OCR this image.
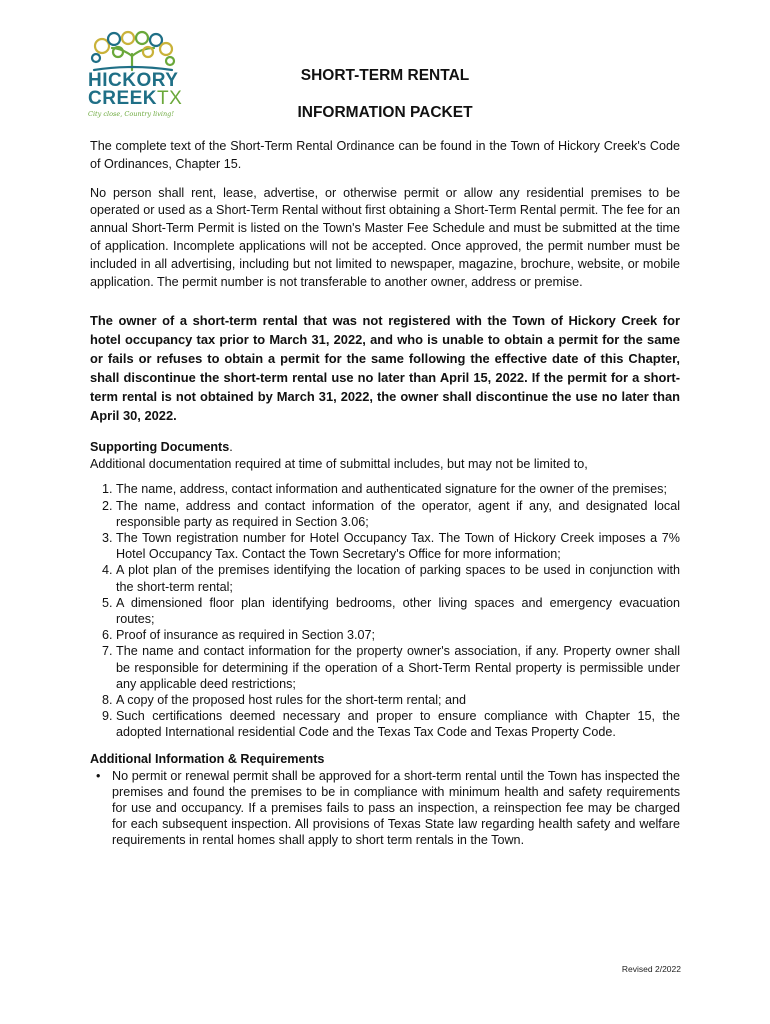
HICKORY
CREEKTX
City close, Country living!
SHORT-TERM RENTAL
INFORMATION PACKET

The complete text of the Short-Term Rental Ordinance can be found in the Town of Hickory Creek's Code of Ordinances, Chapter 15.

No person shall rent, lease, advertise, or otherwise permit or allow any residential premises to be operated or used as a Short-Term Rental without first obtaining a Short-Term Rental permit. The fee for an annual Short-Term Permit is listed on the Town's Master Fee Schedule and must be submitted at the time of application. Incomplete applications will not be accepted. Once approved, the permit number must be included in all advertising, including but not limited to newspaper, magazine, brochure, website, or mobile application. The permit number is not transferable to another owner, address or premise.

The owner of a short-term rental that was not registered with the Town of Hickory Creek for hotel occupancy tax prior to March 31, 2022, and who is unable to obtain a permit for the same or fails or refuses to obtain a permit for the same following the effective date of this Chapter, shall discontinue the short-term rental use no later than April 15, 2022. If the permit for a short-term rental is not obtained by March 31, 2022, the owner shall discontinue the use no later than April 30, 2022.

Supporting Documents.
Additional documentation required at time of submittal includes, but may not be limited to,
1. The name, address, contact information and authenticated signature for the owner of the premises;
2. The name, address and contact information of the operator, agent if any, and designated local responsible party as required in Section 3.06;
3. The Town registration number for Hotel Occupancy Tax. The Town of Hickory Creek imposes a 7% Hotel Occupancy Tax. Contact the Town Secretary's Office for more information;
4. A plot plan of the premises identifying the location of parking spaces to be used in conjunction with the short-term rental;
5. A dimensioned floor plan identifying bedrooms, other living spaces and emergency evacuation routes;
6. Proof of insurance as required in Section 3.07;
7. The name and contact information for the property owner's association, if any. Property owner shall be responsible for determining if the operation of a Short-Term Rental property is permissible under any applicable deed restrictions;
8. A copy of the proposed host rules for the short-term rental; and
9. Such certifications deemed necessary and proper to ensure compliance with Chapter 15, the adopted International residential Code and the Texas Tax Code and Texas Property Code.
Additional Information & Requirements
• No permit or renewal permit shall be approved for a short-term rental until the Town has inspected the premises and found the premises to be in compliance with minimum health and safety requirements for use and occupancy. If a premises fails to pass an inspection, a reinspection fee may be charged for each subsequent inspection. All provisions of Texas State law regarding health safety and welfare requirements in rental homes shall apply to short term rentals in the Town.
Revised 2/2022
